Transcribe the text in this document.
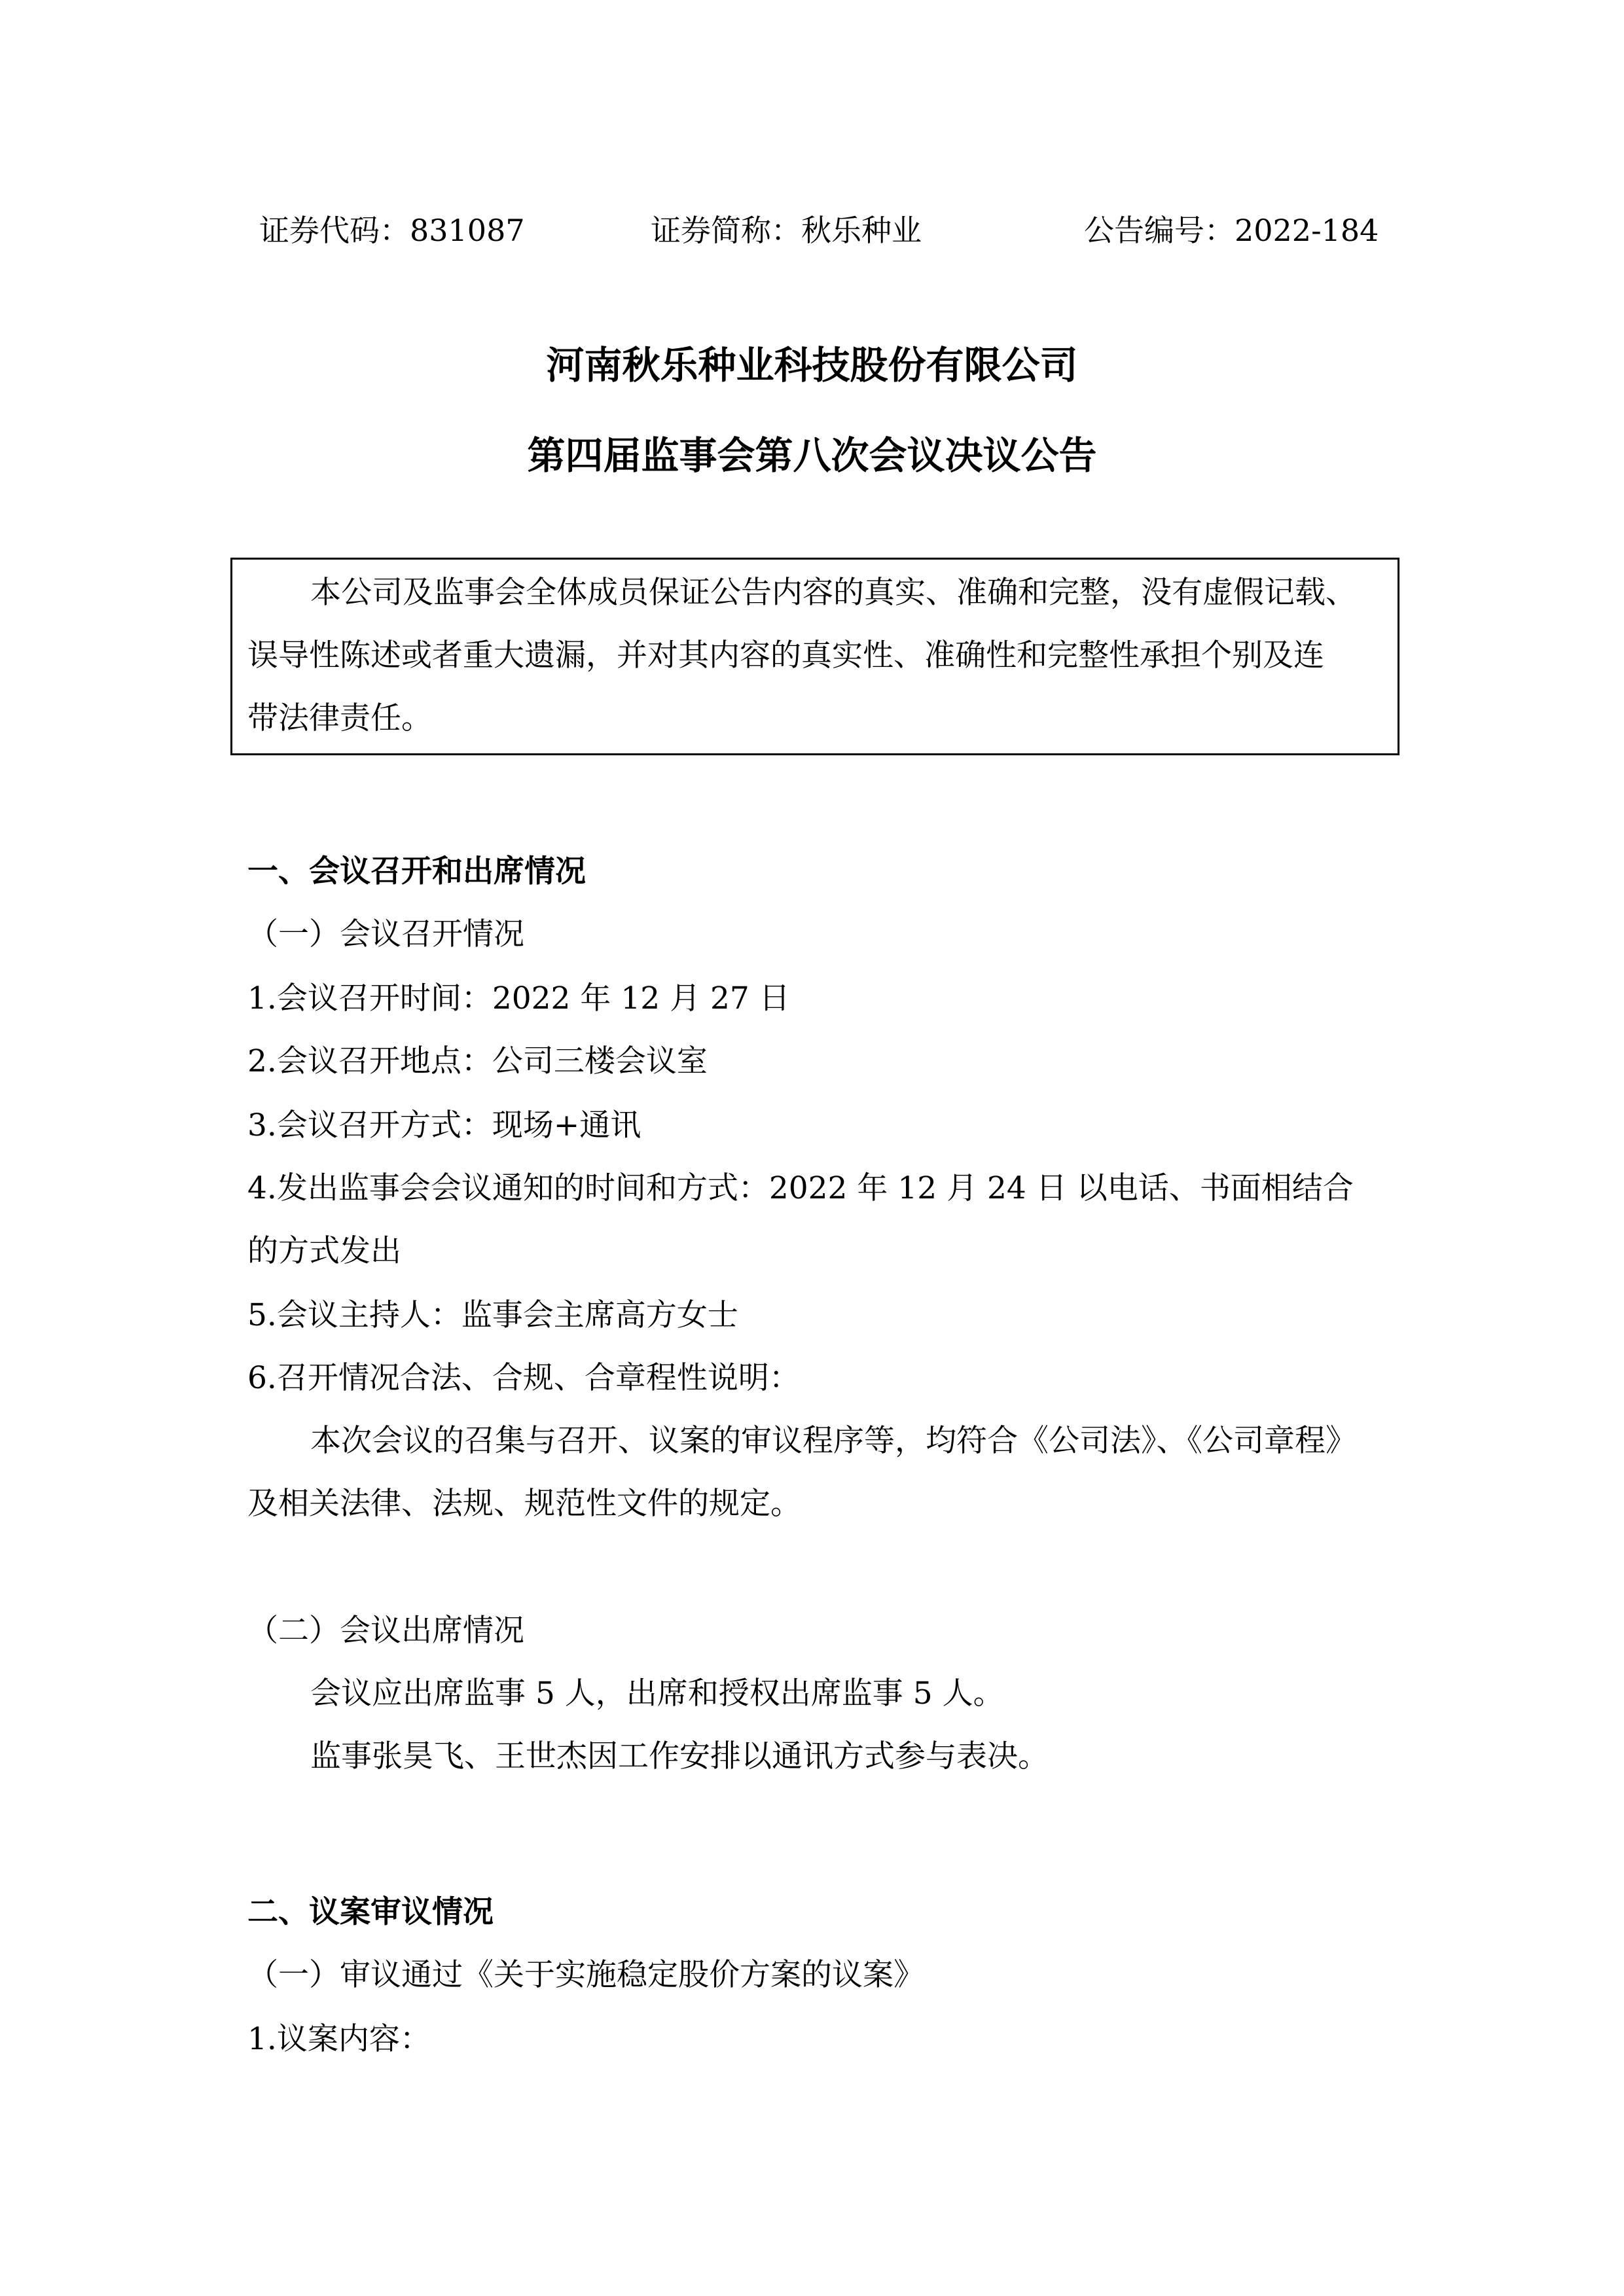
证券代码：831087	证券简称：秋乐种业	公告编号：2022-184
河南秋乐种业科技股份有限公司
第四届监事会第八次会议决议公告
本公司及监事会全体成员保证公告内容的真实、准确和完整，没有虚假记载、
误导性陈述或者重大遗漏，并对其内容的真实性、准确性和完整性承担个别及连
带法律责任。
一、会议召开和出席情况
（一）会议召开情况
1.会议召开时间：2022 年 12 月 27 日
2.会议召开地点：公司三楼会议室
3.会议召开方式：现场+通讯
4.发出监事会会议通知的时间和方式：2022 年 12 月 24 日 以电话、书面相结合
的方式发出
5.会议主持人：监事会主席高方女士
6.召开情况合法、合规、合章程性说明：
本次会议的召集与召开、议案的审议程序等，均符合《公司法》、《公司章程》
及相关法律、法规、规范性文件的规定。
（二）会议出席情况
会议应出席监事 5 人，出席和授权出席监事 5 人。
监事张昊飞、王世杰因工作安排以通讯方式参与表决。
二、议案审议情况
（一）审议通过《关于实施稳定股价方案的议案》
1.议案内容：
